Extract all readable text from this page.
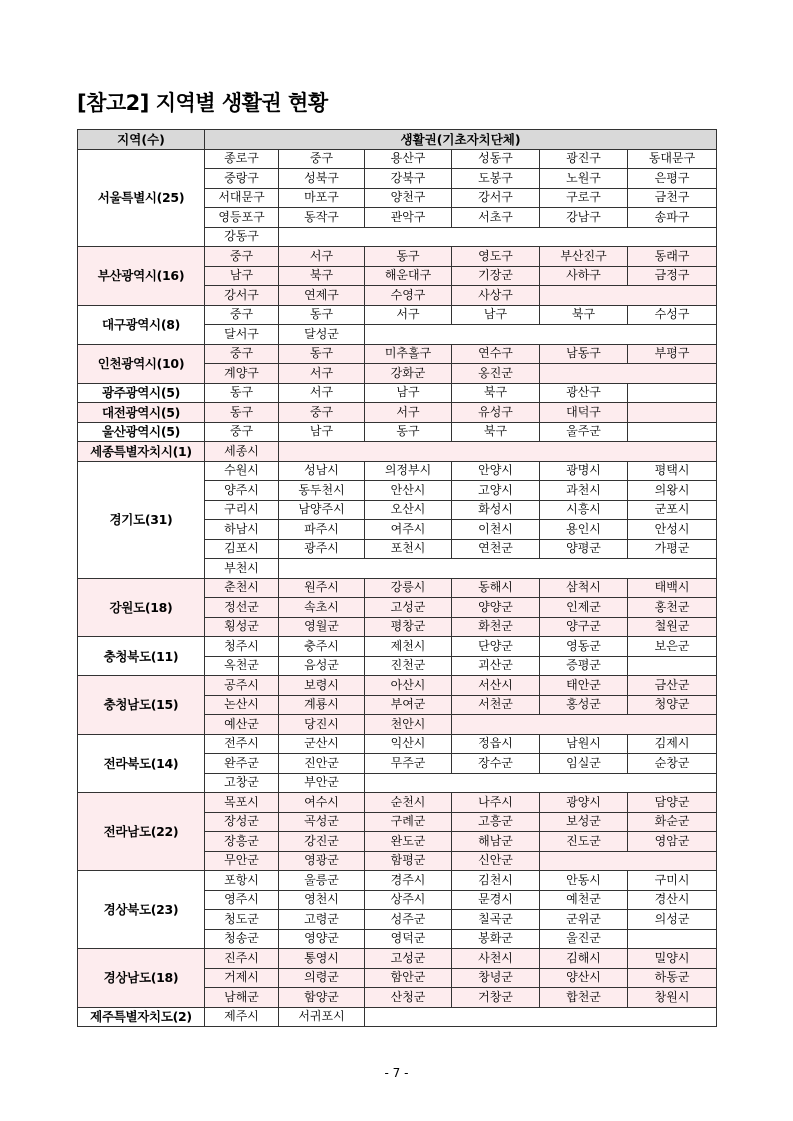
[참고2] 지역별 생활권 현황
지역(수)	생활권(기초자치단체)					
서울특별시(25)	종로구	중구	용산구	성동구	광진구	동대문구
	중랑구	성북구	강북구	도봉구	노원구	은평구
	서대문구	마포구	양천구	강서구	구로구	금천구
	영등포구	동작구	관악구	서초구	강남구	송파구
	강동구					
부산광역시(16)	중구	서구	동구	영도구	부산진구	동래구
	남구	북구	해운대구	기장군	사하구	금정구
	강서구	연제구	수영구	사상구		
대구광역시(8)	중구	동구	서구	남구	북구	수성구
	달서구	달성군				
인천광역시(10)	중구	동구	미추홀구	연수구	남동구	부평구
	계양구	서구	강화군	옹진군		
광주광역시(5)	동구	서구	남구	북구	광산구	
대전광역시(5)	동구	중구	서구	유성구	대덕구	
울산광역시(5)	중구	남구	동구	북구	울주군	
세종특별자치시(1)	세종시					
경기도(31)	수원시	성남시	의정부시	안양시	광명시	평택시
	양주시	동두천시	안산시	고양시	과천시	의왕시
	구리시	남양주시	오산시	화성시	시흥시	군포시
	하남시	파주시	여주시	이천시	용인시	안성시
	김포시	광주시	포천시	연천군	양평군	가평군
	부천시					
강원도(18)	춘천시	원주시	강릉시	동해시	삼척시	태백시
	정선군	속초시	고성군	양양군	인제군	홍천군
	횡성군	영월군	평창군	화천군	양구군	철원군
충청북도(11)	청주시	충주시	제천시	단양군	영동군	보은군
	옥천군	음성군	진천군	괴산군	증평군	
충청남도(15)	공주시	보령시	아산시	서산시	태안군	금산군
	논산시	계룡시	부여군	서천군	홍성군	청양군
	예산군	당진시	천안시			
전라북도(14)	전주시	군산시	익산시	정읍시	남원시	김제시
	완주군	진안군	무주군	장수군	임실군	순창군
	고창군	부안군				
전라남도(22)	목포시	여수시	순천시	나주시	광양시	담양군
	장성군	곡성군	구례군	고흥군	보성군	화순군
	장흥군	강진군	완도군	해남군	진도군	영암군
	무안군	영광군	함평군	신안군		
경상북도(23)	포항시	울릉군	경주시	김천시	안동시	구미시
	영주시	영천시	상주시	문경시	예천군	경산시
	청도군	고령군	성주군	칠곡군	군위군	의성군
	청송군	영양군	영덕군	봉화군	울진군	
경상남도(18)	진주시	통영시	고성군	사천시	김해시	밀양시
	거제시	의령군	함안군	창녕군	양산시	하동군
	남해군	함양군	산청군	거창군	합천군	창원시
제주특별자치도(2)	제주시	서귀포시				
- 7 -
